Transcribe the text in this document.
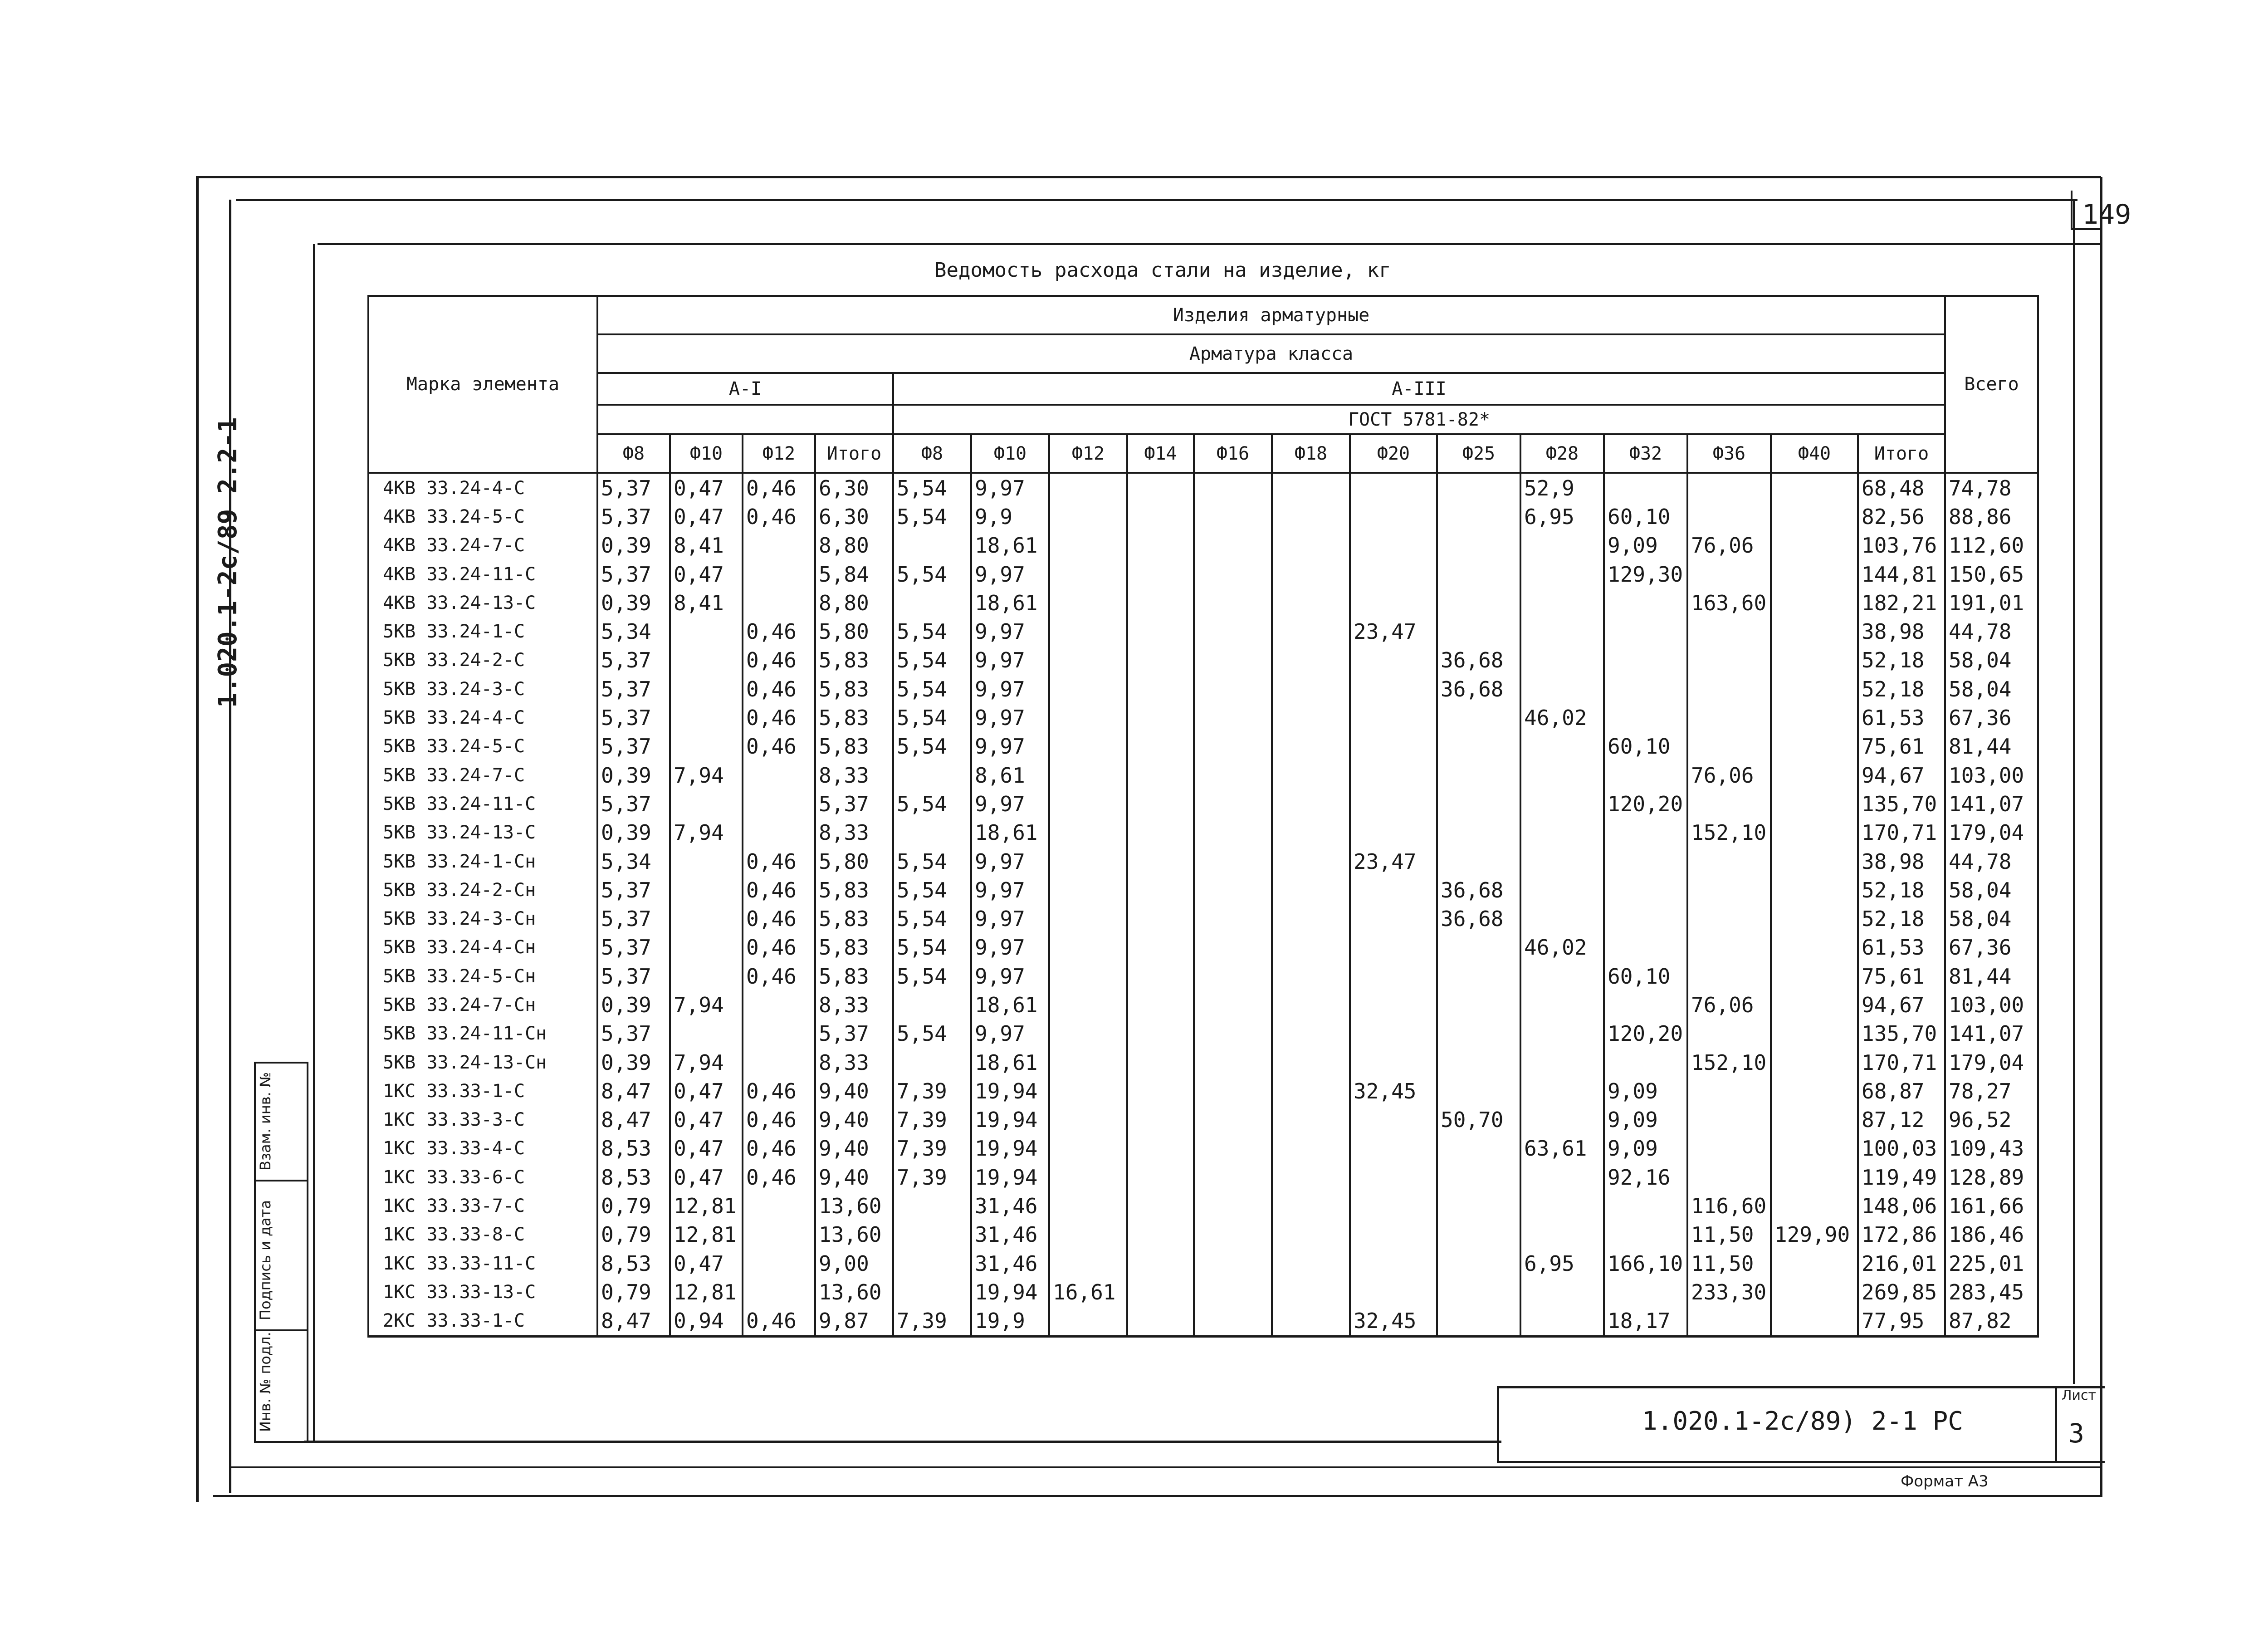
149
1.020.1-2с/89 2.2-1
Инв. № подл.
Подпись и дата
Взам. инв. №
Ведомость расхода стали на изделие, кг
Марка элемента	Изделия арматурные																	Всего
	Арматура класса																	
	А-I				А-III													
					ГОСТ 5781-82*													
	Ф8	Ф10	Ф12	Итого	Ф8	Ф10	Ф12	Ф14	Ф16	Ф18	Ф20	Ф25	Ф28	Ф32	Ф36	Ф40	Итого	
4КВ 33.24-4-С	5,37	0,47	0,46	6,30	5,54	9,97							52,9				68,48	74,78
4КВ 33.24-5-С	5,37	0,47	0,46	6,30	5,54	9,9							6,95	60,10			82,56	88,86
4КВ 33.24-7-С	0,39	8,41		8,80		18,61								9,09	76,06		103,76	112,60
4КВ 33.24-11-С	5,37	0,47		5,84	5,54	9,97								129,30			144,81	150,65
4КВ 33.24-13-С	0,39	8,41		8,80		18,61									163,60		182,21	191,01
5КВ 33.24-1-С	5,34		0,46	5,80	5,54	9,97					23,47						38,98	44,78
5КВ 33.24-2-С	5,37		0,46	5,83	5,54	9,97						36,68					52,18	58,04
5КВ 33.24-3-С	5,37		0,46	5,83	5,54	9,97						36,68					52,18	58,04
5КВ 33.24-4-С	5,37		0,46	5,83	5,54	9,97							46,02				61,53	67,36
5КВ 33.24-5-С	5,37		0,46	5,83	5,54	9,97								60,10			75,61	81,44
5КВ 33.24-7-С	0,39	7,94		8,33		8,61									76,06		94,67	103,00
5КВ 33.24-11-С	5,37			5,37	5,54	9,97								120,20			135,70	141,07
5КВ 33.24-13-С	0,39	7,94		8,33		18,61									152,10		170,71	179,04
5КВ 33.24-1-Сн	5,34		0,46	5,80	5,54	9,97					23,47						38,98	44,78
5КВ 33.24-2-Сн	5,37		0,46	5,83	5,54	9,97						36,68					52,18	58,04
5КВ 33.24-3-Сн	5,37		0,46	5,83	5,54	9,97						36,68					52,18	58,04
5КВ 33.24-4-Сн	5,37		0,46	5,83	5,54	9,97							46,02				61,53	67,36
5КВ 33.24-5-Сн	5,37		0,46	5,83	5,54	9,97								60,10			75,61	81,44
5КВ 33.24-7-Сн	0,39	7,94		8,33		18,61									76,06		94,67	103,00
5КВ 33.24-11-Сн	5,37			5,37	5,54	9,97								120,20			135,70	141,07
5КВ 33.24-13-Сн	0,39	7,94		8,33		18,61									152,10		170,71	179,04
1КС 33.33-1-С	8,47	0,47	0,46	9,40	7,39	19,94					32,45			9,09			68,87	78,27
1КС 33.33-3-С	8,47	0,47	0,46	9,40	7,39	19,94						50,70		9,09			87,12	96,52
1КС 33.33-4-С	8,53	0,47	0,46	9,40	7,39	19,94							63,61	9,09			100,03	109,43
1КС 33.33-6-С	8,53	0,47	0,46	9,40	7,39	19,94								92,16			119,49	128,89
1КС 33.33-7-С	0,79	12,81		13,60		31,46									116,60		148,06	161,66
1КС 33.33-8-С	0,79	12,81		13,60		31,46									11,50	129,90	172,86	186,46
1КС 33.33-11-С	8,53	0,47		9,00		31,46							6,95	166,10	11,50		216,01	225,01
1КС 33.33-13-С	0,79	12,81		13,60		19,94	16,61								233,30		269,85	283,45
2КС 33.33-1-С	8,47	0,94	0,46	9,87	7,39	19,9					32,45			18,17			77,95	87,82
1.020.1-2с/89) 2-1 РС
Лист
3
Формат А3
